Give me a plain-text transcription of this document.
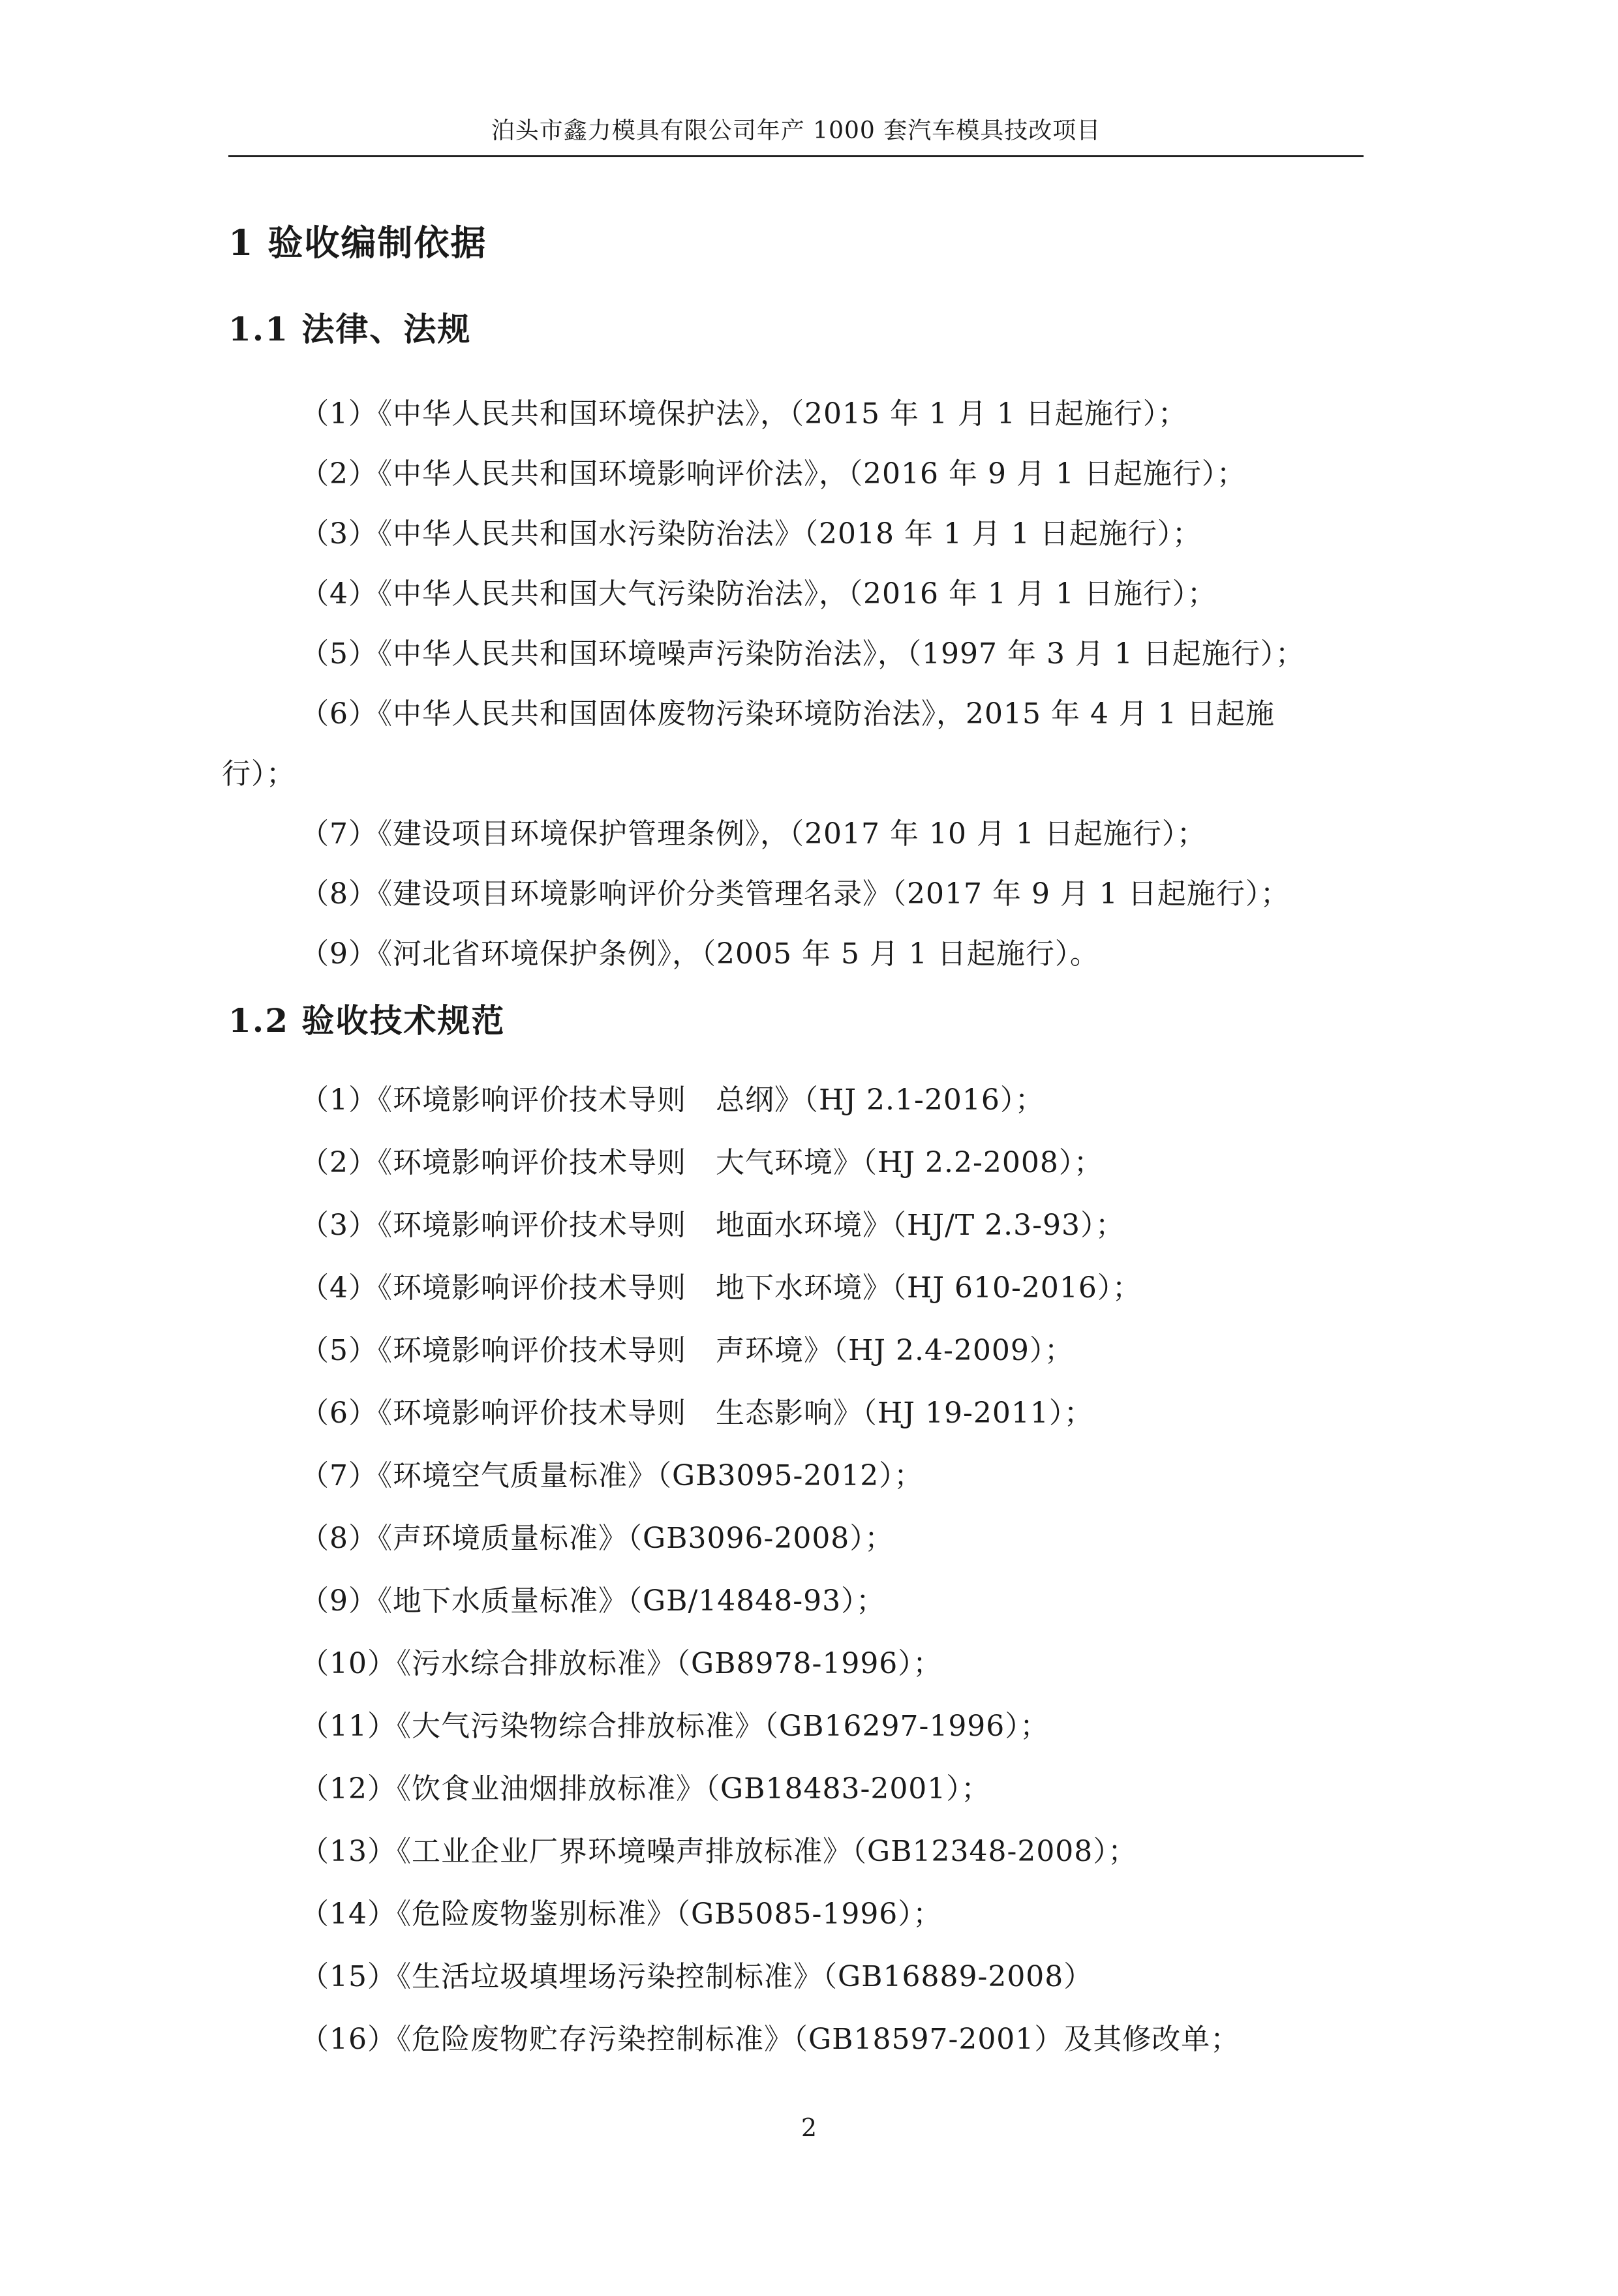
泊头市鑫力模具有限公司年产 1000 套汽车模具技改项目
1 验收编制依据
1.1 法律、法规
（1）《中华人民共和国环境保护法》，（2015 年 1 月 1 日起施行）；
（2）《中华人民共和国环境影响评价法》，（2016 年 9 月 1 日起施行）；
（3）《中华人民共和国水污染防治法》（2018 年 1 月 1 日起施行）；
（4）《中华人民共和国大气污染防治法》，（2016 年 1 月 1 日施行）；
（5）《中华人民共和国环境噪声污染防治法》，（1997 年 3 月 1 日起施行）；
（6）《中华人民共和国固体废物污染环境防治法》，2015 年 4 月 1 日起施
行）；
（7）《建设项目环境保护管理条例》，（2017 年 10 月 1 日起施行）；
（8）《建设项目环境影响评价分类管理名录》（2017 年 9 月 1 日起施行）；
（9）《河北省环境保护条例》，（2005 年 5 月 1 日起施行）。
1.2 验收技术规范
（1）《环境影响评价技术导则　总纲》（HJ 2.1-2016）；
（2）《环境影响评价技术导则　大气环境》（HJ 2.2-2008）；
（3）《环境影响评价技术导则　地面水环境》（HJ/T 2.3-93）；
（4）《环境影响评价技术导则　地下水环境》（HJ 610-2016）；
（5）《环境影响评价技术导则　声环境》（HJ 2.4-2009）；
（6）《环境影响评价技术导则　生态影响》（HJ 19-2011）；
（7）《环境空气质量标准》（GB3095-2012）；
（8）《声环境质量标准》（GB3096-2008）；
（9）《地下水质量标准》（GB/14848-93）；
（10）《污水综合排放标准》（GB8978-1996）；
（11）《大气污染物综合排放标准》（GB16297-1996）；
（12）《饮食业油烟排放标准》（GB18483-2001）；
（13）《工业企业厂界环境噪声排放标准》（GB12348-2008）；
（14）《危险废物鉴别标准》（GB5085-1996）；
（15）《生活垃圾填埋场污染控制标准》（GB16889-2008）
（16）《危险废物贮存污染控制标准》（GB18597-2001）及其修改单；
2
